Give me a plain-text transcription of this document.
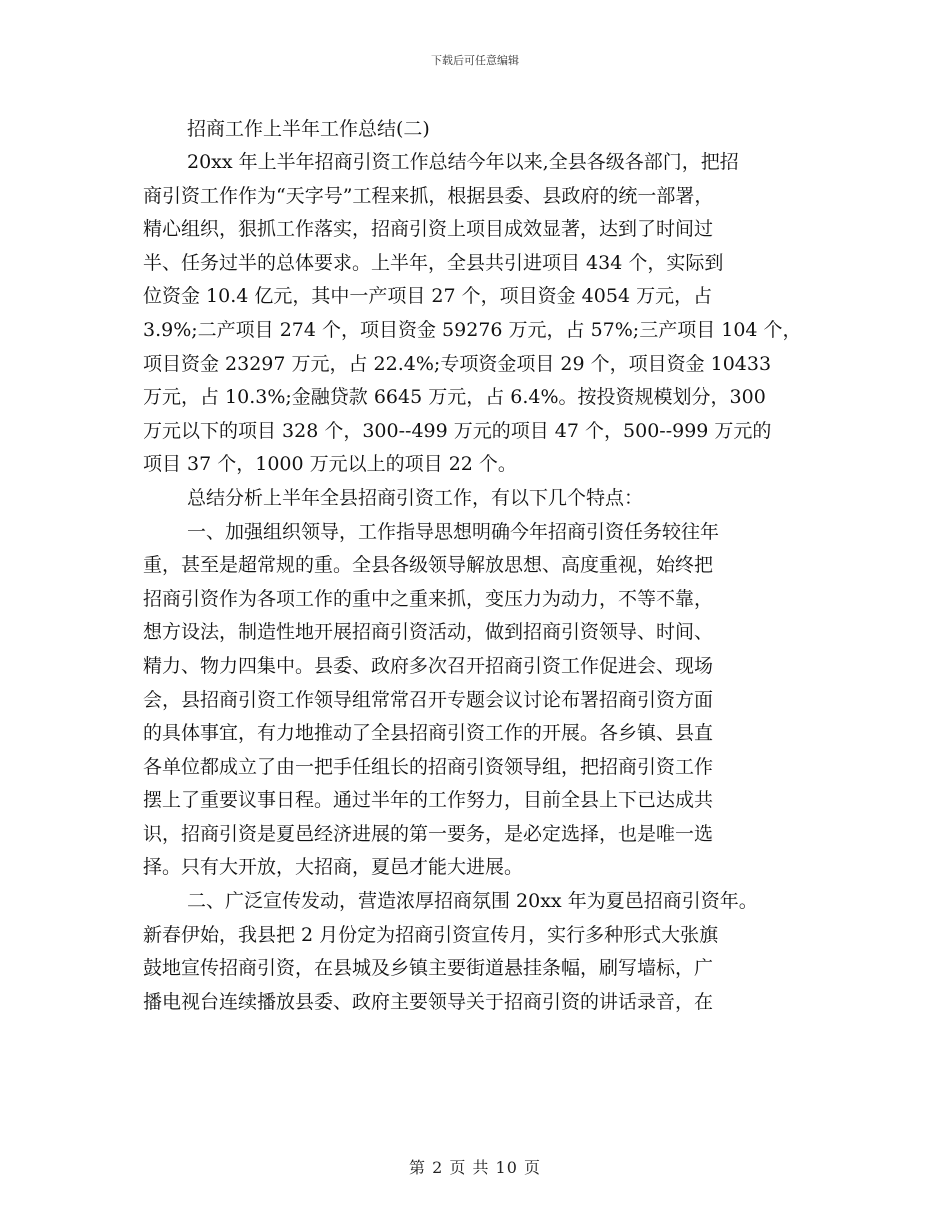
下载后可任意编辑
招商工作上半年工作总结(二)

20xx 年上半年招商引资工作总结今年以来,全县各级各部门，把招
商引资工作作为“天字号”工程来抓，根据县委、县政府的统一部署，
精心组织，狠抓工作落实，招商引资上项目成效显著，达到了时间过
半、任务过半的总体要求。上半年，全县共引进项目 434 个，实际到
位资金 10.4 亿元，其中一产项目 27 个，项目资金 4054 万元，占
3.9%;二产项目 274 个，项目资金 59276 万元，占 57%;三产项目 104 个，
项目资金 23297 万元，占 22.4%;专项资金项目 29 个，项目资金 10433
万元，占 10.3%;金融贷款 6645 万元，占 6.4%。按投资规模划分，300
万元以下的项目 328 个，300--499 万元的项目 47 个，500--999 万元的
项目 37 个，1000 万元以上的项目 22 个。

总结分析上半年全县招商引资工作，有以下几个特点：

一、加强组织领导，工作指导思想明确今年招商引资任务较往年
重，甚至是超常规的重。全县各级领导解放思想、高度重视，始终把
招商引资作为各项工作的重中之重来抓，变压力为动力，不等不靠，
想方设法，制造性地开展招商引资活动，做到招商引资领导、时间、
精力、物力四集中。县委、政府多次召开招商引资工作促进会、现场
会，县招商引资工作领导组常常召开专题会议讨论布署招商引资方面
的具体事宜，有力地推动了全县招商引资工作的开展。各乡镇、县直
各单位都成立了由一把手任组长的招商引资领导组，把招商引资工作
摆上了重要议事日程。通过半年的工作努力，目前全县上下已达成共
识，招商引资是夏邑经济进展的第一要务，是必定选择，也是唯一选
择。只有大开放，大招商，夏邑才能大进展。

二、广泛宣传发动，营造浓厚招商氛围 20xx 年为夏邑招商引资年。
新春伊始，我县把 2 月份定为招商引资宣传月，实行多种形式大张旗
鼓地宣传招商引资，在县城及乡镇主要街道悬挂条幅，刷写墙标，广
播电视台连续播放县委、政府主要领导关于招商引资的讲话录音，在

第 2 页 共 10 页
